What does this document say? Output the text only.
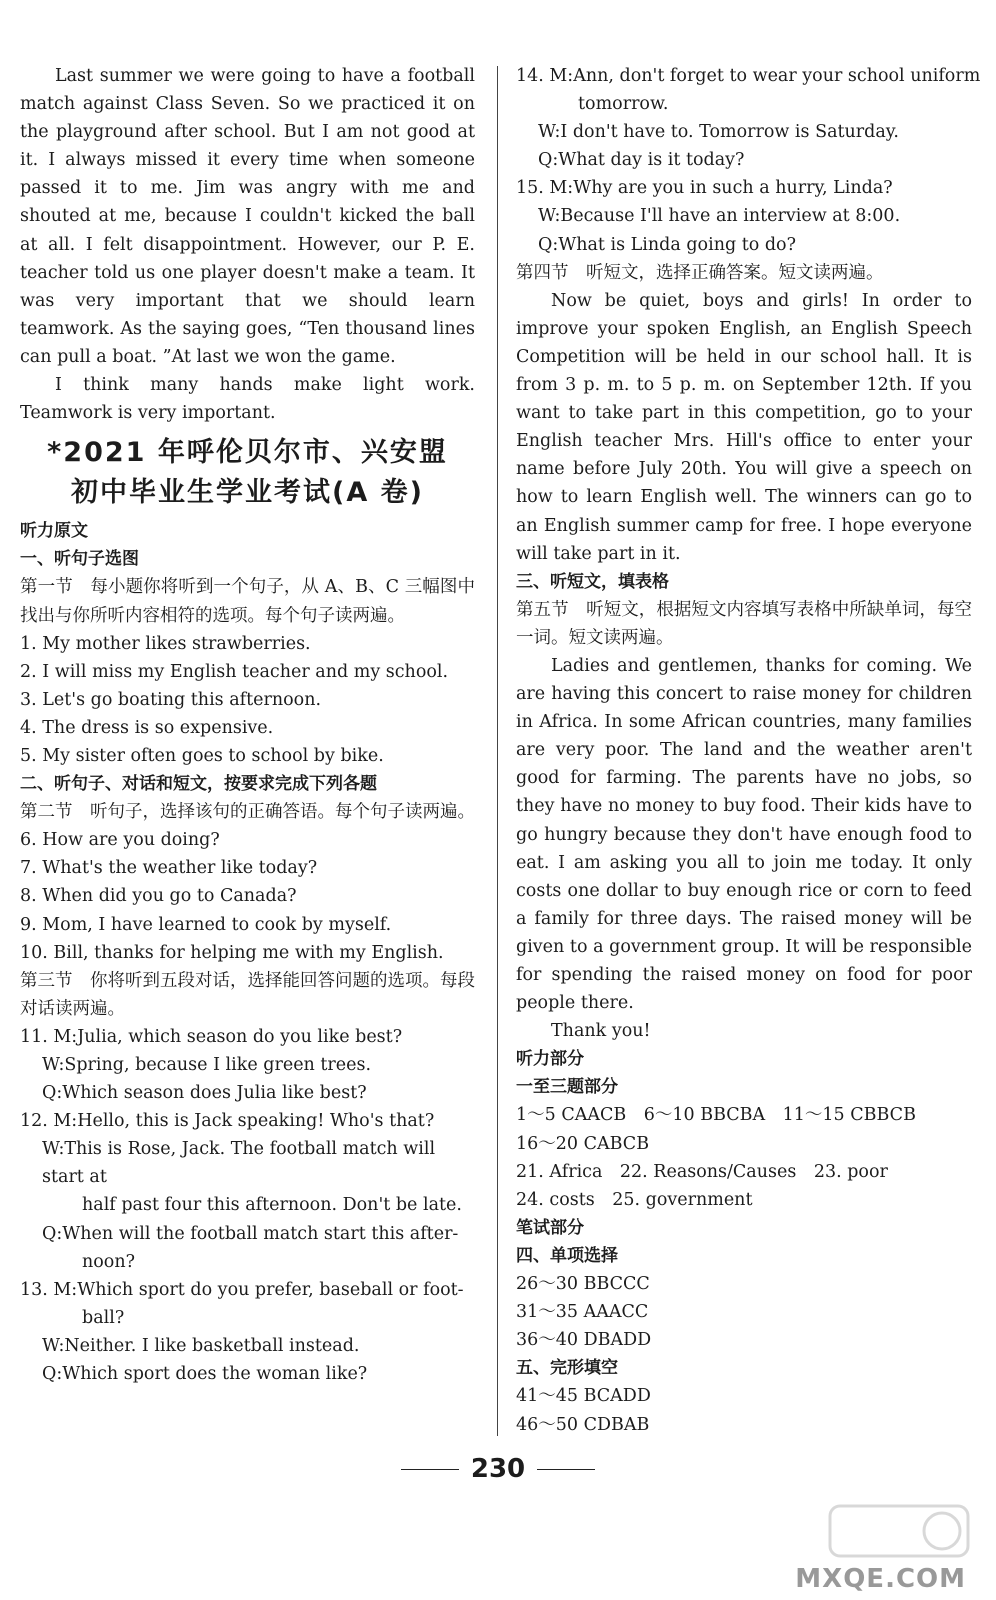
Last summer we were going to have a football match against Class Seven. So we practiced it on the playground after school. But I am not good at it. I always missed it every time when someone passed it to me. Jim was angry with me and shouted at me, because I couldn't kicked the ball at all. I felt disappointment. However, our P. E. teacher told us one player doesn't make a team. It was very important that we should learn teamwork. As the saying goes, “Ten thousand lines can pull a boat. ”At last we won the game.

I think many hands make light work. Teamwork is very important.

*2021 年呼伦贝尔市、兴安盟
初中毕业生学业考试(A 卷)
听力原文
一、听句子选图

第一节　每小题你将听到一个句子，从 A、B、C 三幅图中找出与你所听内容相符的选项。每个句子读两遍。

1. My mother likes strawberries.
2. I will miss my English teacher and my school.
3. Let's go boating this afternoon.
4. The dress is so expensive.
5. My sister often goes to school by bike.
二、听句子、对话和短文，按要求完成下列各题

第二节　听句子，选择该句的正确答语。每个句子读两遍。

6. How are you doing?
7. What's the weather like today?
8. When did you go to Canada?
9. Mom, I have learned to cook by myself.
10. Bill, thanks for helping me with my English.

第三节　你将听到五段对话，选择能回答问题的选项。每段对话读两遍。

11. M:Julia, which season do you like best?
W:Spring, because I like green trees.
Q:Which season does Julia like best?
12. M:Hello, this is Jack speaking! Who's that?
W:This is Rose, Jack. The football match will start at
half past four this afternoon. Don't be late.
Q:When will the football match start this after-
noon?
13. M:Which sport do you prefer, baseball or foot-
ball?
W:Neither. I like basketball instead.
Q:Which sport does the woman like?
14. M:Ann, don't forget to wear your school uniform
tomorrow.
W:I don't have to. Tomorrow is Saturday.
Q:What day is it today?
15. M:Why are you in such a hurry, Linda?
W:Because I'll have an interview at 8:00.
Q:What is Linda going to do?

第四节　听短文，选择正确答案。短文读两遍。

Now be quiet, boys and girls! In order to improve your spoken English, an English Speech Competition will be held in our school hall. It is from 3 p. m. to 5 p. m. on September 12th. If you want to take part in this competition, go to your English teacher Mrs. Hill's office to enter your name before July 20th. You will give a speech on how to learn English well. The winners can go to an English summer camp for free. I hope everyone will take part in it.

三、听短文，填表格

第五节　听短文，根据短文内容填写表格中所缺单词，每空一词。短文读两遍。

Ladies and gentlemen, thanks for coming. We are having this concert to raise money for children in Africa. In some African countries, many families are very poor. The land and the weather aren't good for farming. The parents have no jobs, so they have no money to buy food. Their kids have to go hungry because they don't have enough food to eat. I am asking you all to join me today. It only costs one dollar to buy enough rice or corn to feed a family for three days. The raised money will be given to a government group. It will be responsible for spending the raised money on food for poor people there.

Thank you!

听力部分
一至三题部分
1～5 CAACB　6～10 BBCBA　11～15 CBBCB
16～20 CABCB
21. Africa　22. Reasons/Causes　23. poor
24. costs　25. government
笔试部分
四、单项选择
26～30 BBCCC
31～35 AAACC
36～40 DBADD
五、完形填空
41～45 BCADD
46～50 CDBAB
230
MXQE.COM
